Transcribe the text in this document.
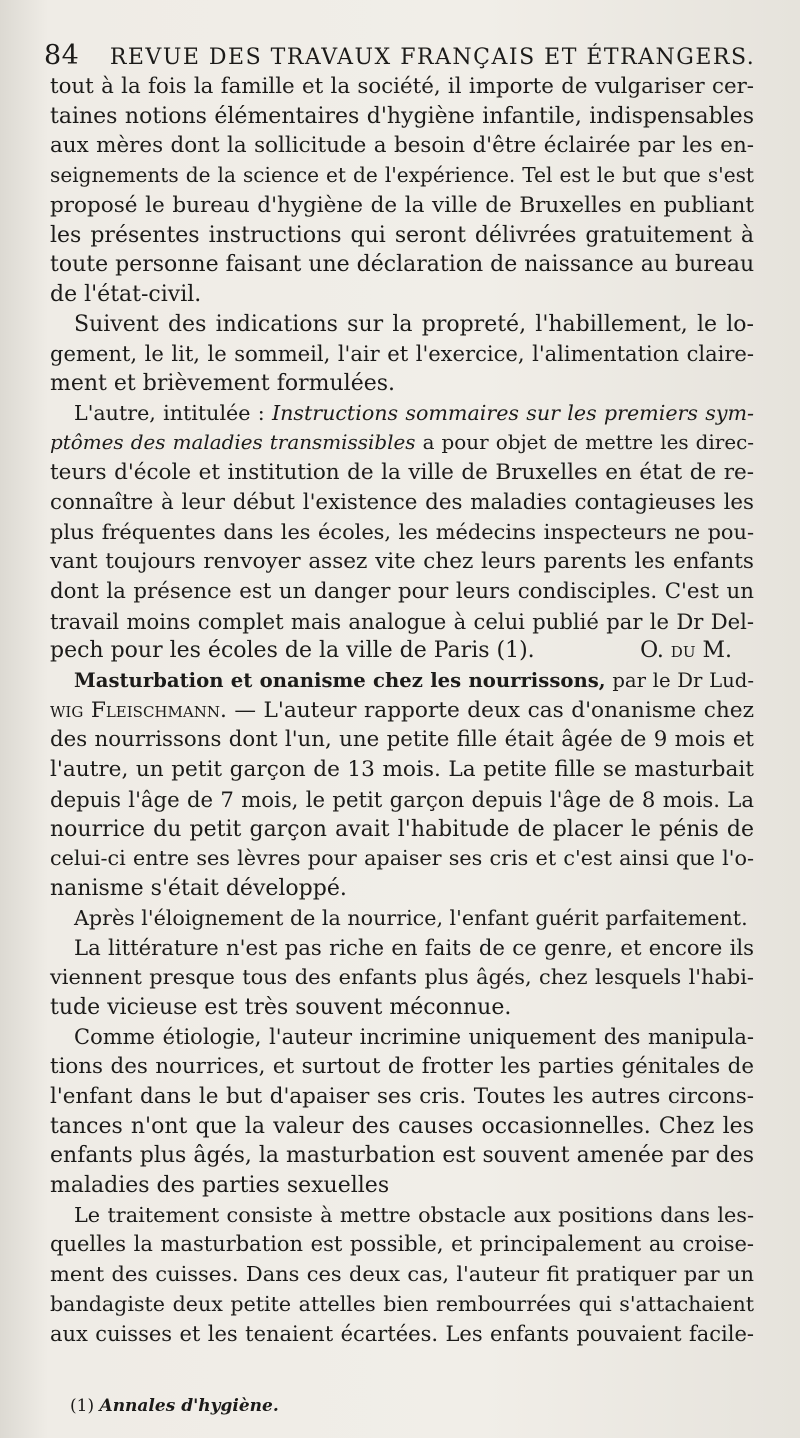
84 REVUE DES TRAVAUX FRANÇAIS ET ÉTRANGERS.
tout à la fois la famille et la société, il importe de vulgariser cer-
taines notions élémentaires d'hygiène infantile, indispensables
aux mères dont la sollicitude a besoin d'être éclairée par les en-
seignements de la science et de l'expérience. Tel est le but que s'est
proposé le bureau d'hygiène de la ville de Bruxelles en publiant
les présentes instructions qui seront délivrées gratuitement à
toute personne faisant une déclaration de naissance au bureau
de l'état-civil.
Suivent des indications sur la propreté, l'habillement, le lo-
gement, le lit, le sommeil, l'air et l'exercice, l'alimentation claire-
ment et brièvement formulées.
L'autre, intitulée : Instructions sommaires sur les premiers sym-
ptômes des maladies transmissibles a pour objet de mettre les direc-
teurs d'école et institution de la ville de Bruxelles en état de re-
connaître à leur début l'existence des maladies contagieuses les
plus fréquentes dans les écoles, les médecins inspecteurs ne pou-
vant toujours renvoyer assez vite chez leurs parents les enfants
dont la présence est un danger pour leurs condisciples. C'est un
travail moins complet mais analogue à celui publié par le Dr Del-
pech pour les écoles de la ville de Paris (1).	O. du M.
Masturbation et onanisme chez les nourrissons, par le Dr Lud-
wig Fleischmann. — L'auteur rapporte deux cas d'onanisme chez
des nourrissons dont l'un, une petite fille était âgée de 9 mois et
l'autre, un petit garçon de 13 mois. La petite fille se masturbait
depuis l'âge de 7 mois, le petit garçon depuis l'âge de 8 mois. La
nourrice du petit garçon avait l'habitude de placer le pénis de
celui-ci entre ses lèvres pour apaiser ses cris et c'est ainsi que l'o-
nanisme s'était développé.
Après l'éloignement de la nourrice, l'enfant guérit parfaitement.
La littérature n'est pas riche en faits de ce genre, et encore ils
viennent presque tous des enfants plus âgés, chez lesquels l'habi-
tude vicieuse est très souvent méconnue.
Comme étiologie, l'auteur incrimine uniquement des manipula-
tions des nourrices, et surtout de frotter les parties génitales de
l'enfant dans le but d'apaiser ses cris. Toutes les autres circons-
tances n'ont que la valeur des causes occasionnelles. Chez les
enfants plus âgés, la masturbation est souvent amenée par des
maladies des parties sexuelles
Le traitement consiste à mettre obstacle aux positions dans les-
quelles la masturbation est possible, et principalement au croise-
ment des cuisses. Dans ces deux cas, l'auteur fit pratiquer par un
bandagiste deux petite attelles bien rembourrées qui s'attachaient
aux cuisses et les tenaient écartées. Les enfants pouvaient facile-
(1) Annales d'hygiène.
